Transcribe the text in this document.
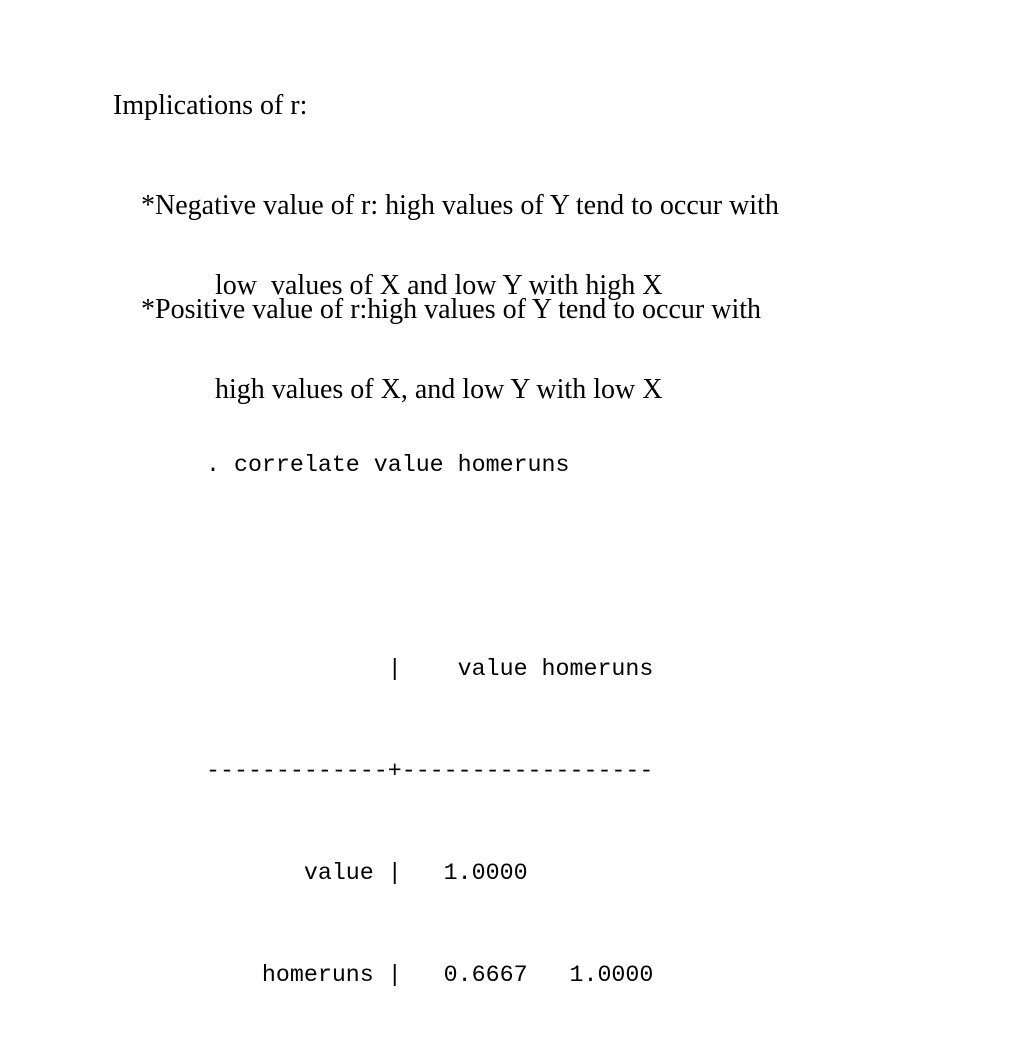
Implications of r:

*Negative value of r: high values of Y tend to occur with

low  values of X and low Y with high X

*Positive value of r:high values of Y tend to occur with

high values of X, and low Y with low X

. correlate value homeruns

|    value homeruns

-------------+------------------

value |   1.0000

homeruns |   0.6667   1.0000
